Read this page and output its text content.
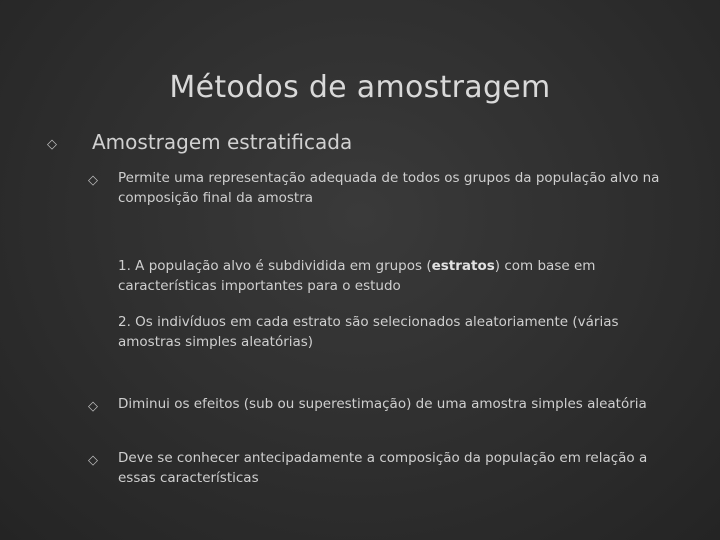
Métodos de amostragem
◇ Amostragem estratificada
◇ Permite uma representação adequada de todos os grupos da população alvo na composição final da amostra
1. A população alvo é subdividida em grupos (estratos) com base em características importantes para o estudo
2. Os indivíduos em cada estrato são selecionados aleatoriamente (várias amostras simples aleatórias)
◇ Diminui os efeitos (sub ou superestimação) de uma amostra simples aleatória
◇ Deve se conhecer antecipadamente a composição da população em relação a essas características
